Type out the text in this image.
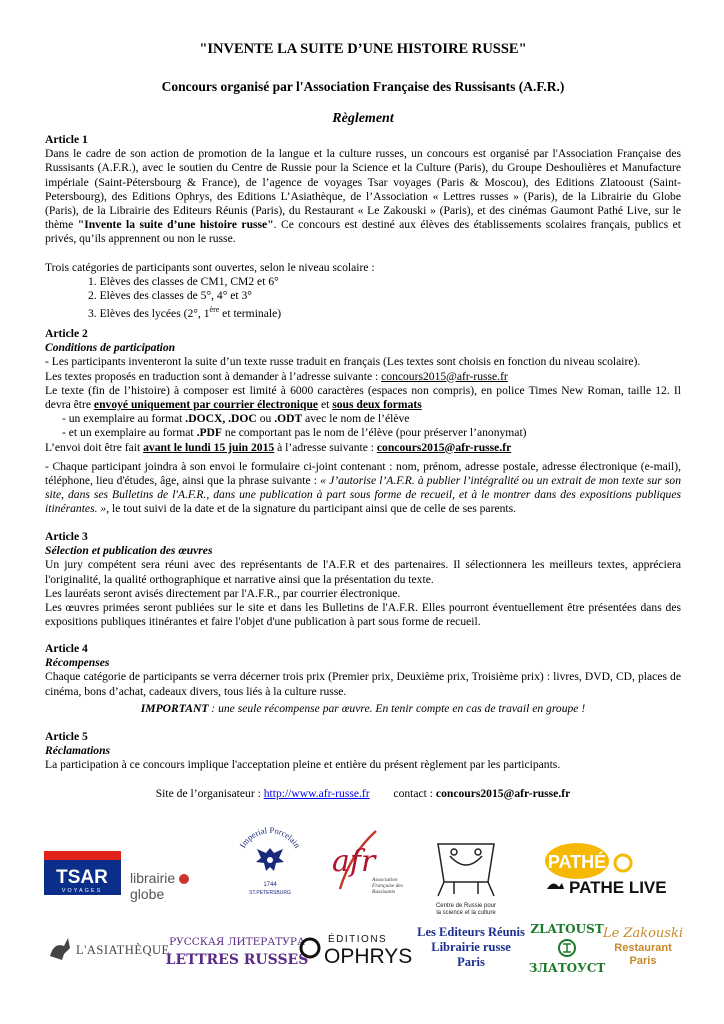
"INVENTE LA SUITE D’UNE HISTOIRE RUSSE"
Concours organisé par l'Association Française des Russisants (A.F.R.)
Règlement

Article 1

Dans le cadre de son action de promotion de la langue et la culture russes, un concours est organisé par l'Association Française des Russisants (A.F.R.), avec le soutien du Centre de Russie pour la Science et la Culture (Paris), du Groupe Deshoulières et Manufacture impériale (Saint-Pétersbourg & France), de l’agence de voyages Tsar voyages (Paris & Moscou), des Editions Zlatooust (Saint-Petersbourg), des Editions Ophrys, des Editions L’Asiathèque, de l’Association « Lettres russes » (Paris), de la Librairie du Globe (Paris), de la Librairie des Editeurs Réunis (Paris), du Restaurant « Le Zakouski » (Paris), et des cinémas Gaumont Pathé Live, sur le thème "Invente la suite d’une histoire russe". Ce concours est destiné aux élèves des établissements scolaires français, publics et privés, qu’ils apprennent ou non le russe.

Trois catégories de participants sont ouvertes, selon le niveau scolaire :

1. Elèves des classes de CM1, CM2 et 6°

2. Elèves des classes de 5°, 4° et 3°

3. Elèves des lycées (2°, 1ère et terminale)

Article 2

Conditions de participation

- Les participants inventeront la suite d’un texte russe traduit en français (Les textes sont choisis en fonction du niveau scolaire).

Les textes proposés en traduction sont à demander à l’adresse suivante : concours2015@afr-russe.fr

Le texte (fin de l’histoire) à composer est limité à 6000 caractères (espaces non compris), en police Times New Roman, taille 12. Il devra être envoyé uniquement par courrier électronique et sous deux formats

- un exemplaire au format .DOCX, .DOC ou .ODT avec le nom de l’élève

- et un exemplaire au format .PDF ne comportant pas le nom de l’élève (pour préserver l’anonymat)

L’envoi doit être fait avant le lundi 15 juin 2015 à l’adresse suivante : concours2015@afr-russe.fr

- Chaque participant joindra à son envoi le formulaire ci-joint contenant : nom, prénom, adresse postale, adresse électronique (e-mail), téléphone, lieu d'études, âge, ainsi que la phrase suivante : « J’autorise l’A.F.R. à publier l’intégralité ou un extrait de mon texte sur son site, dans ses Bulletins de l'A.F.R., dans une publication à part sous forme de recueil, et à le montrer dans des expositions publiques itinérantes. », le tout suivi de la date et de la signature du participant ainsi que de celle de ses parents.

Article 3

Sélection et publication des œuvres

Un jury compétent sera réuni avec des représentants de l'A.F.R et des partenaires. Il sélectionnera les meilleurs textes, appréciera l'originalité, la qualité orthographique et narrative ainsi que la présentation du texte.

Les lauréats seront avisés directement par l'A.F.R., par courrier électronique.

Les œuvres primées seront publiées sur le site et dans les Bulletins de l'A.F.R. Elles pourront éventuellement être présentées dans des expositions publiques itinérantes et faire l'objet d'une publication à part sous forme de recueil.

Article 4

Récompenses

Chaque catégorie de participants se verra décerner trois prix (Premier prix, Deuxième prix, Troisième prix) : livres, DVD, CD, places de cinéma, bons d’achat, cadeaux divers, tous liés à la culture russe.

IMPORTANT : une seule récompense par œuvre. En tenir compte en cas de travail en groupe !

Article 5

Réclamations

La participation à ce concours implique l'acceptation pleine et entière du présent règlement par les participants.

Site de l’organisateur : http://www.afr-russe.fr contact : concours2015@afr-russe.fr
TSAR
VOYAGES
librairie  globe
Imperial Porcelain
1744
ST.PETERSBURG
afr
Association
Française des
Russisants
Centre de Russie pour
la science et la culture
PATHÉ
PATHE LIVE
L'ASIATHÈQUE
РУССКАЯ ЛИТЕРАТУРА
LETTRES RUSSES
ÉDITIONS
OPHRYS
Les Editeurs Réunis
Librairie russe
Paris
ZLATOUST
ЗЛАТОУСТ
Le Zakouski
Restaurant
Paris
